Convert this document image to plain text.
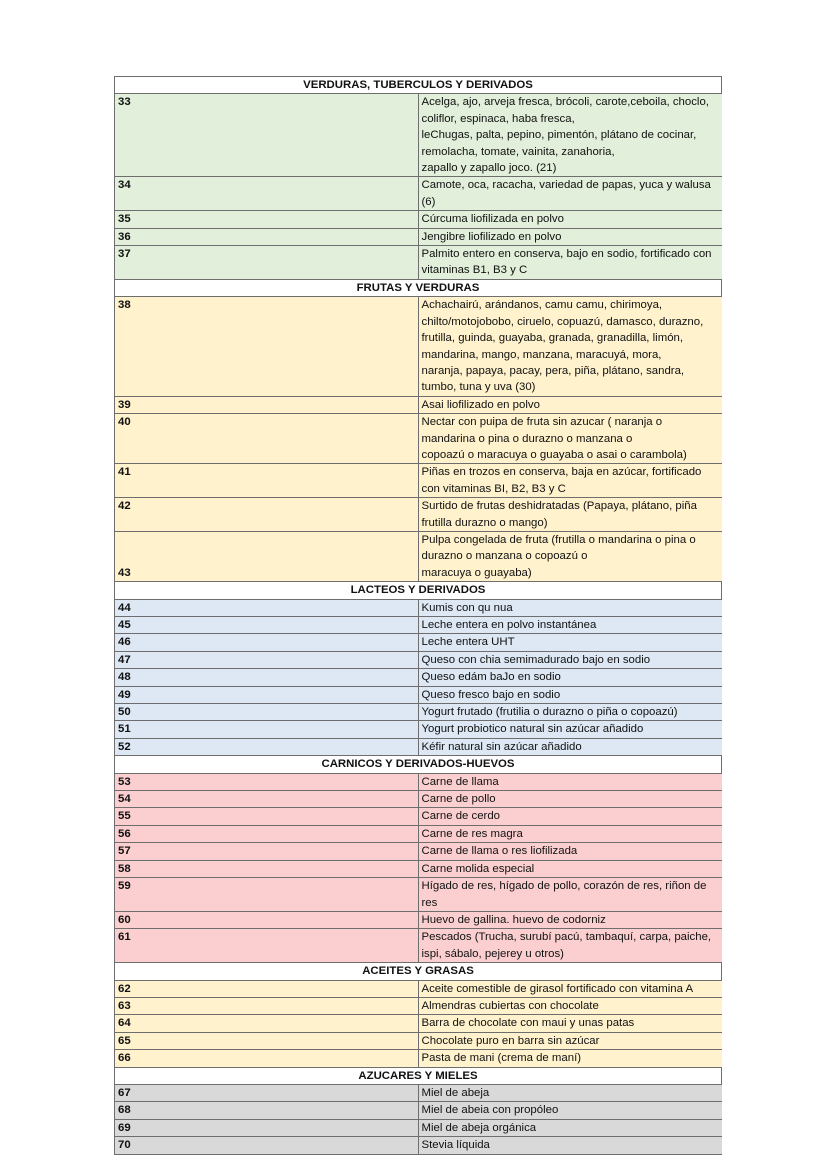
VERDURAS, TUBERCULOS Y DERIVADOS	
33	Acelga, ajo, arveja fresca, brócoli, carote,ceboila, choclo, coliflor, espinaca, haba fresca,
leChugas, palta, pepino, pimentón, plátano de cocinar, remolacha, tomate, vainita, zanahoria,
zapallo y zapallo joco. (21)

34	Camote, oca, racacha, variedad de papas, yuca y walusa (6)

35	Cúrcuma liofilizada en polvo

36	Jengibre liofilizado en polvo

37	Palmito entero en conserva, bajo en sodio, fortificado con vitaminas B1, B3 y C

FRUTAS Y VERDURAS	
38	Achachairú, arándanos, camu camu, chirimoya, chilto/motojobobo, ciruelo, copuazú, damasco, durazno,
frutilla, guinda, guayaba, granada, granadilla, limón, mandarina, mango, manzana, maracuyá, mora,
naranja, papaya, pacay, pera, piña, plátano, sandra, tumbo, tuna y uva (30)

39	Asai liofilizado en polvo

40	Nectar con puipa de fruta sin azucar ( naranja o mandarina o pina o durazno o manzana o
copoazú o maracuya o guayaba o asai o carambola)

41	Piñas en trozos en conserva, baja en azúcar, fortificado con vitaminas BI, B2, B3 y C

42	Surtido de frutas deshidratadas (Papaya, plátano, piña frutilla durazno o mango)

43	Pulpa congelada de fruta (frutilla o mandarina o pina o durazno o manzana o copoazú o
maracuya o guayaba)

LACTEOS Y DERIVADOS	
44	Kumis con qu nua

45	Leche entera en polvo instantánea

46	Leche entera UHT

47	Queso con chia semimadurado bajo en sodio

48	Queso edám baJo en sodio

49	Queso fresco bajo en sodio

50	Yogurt frutado (frutilia o durazno o piña o copoazú)

51	Yogurt probiotico natural sin azúcar añadido

52	Kéfir natural sin azúcar añadido

CARNICOS Y DERIVADOS-HUEVOS	
53	Carne de llama

54	Carne de pollo

55	Carne de cerdo

56	Carne de res magra

57	Carne de llama o res liofilizada

58	Carne molida especial

59	Hígado de res, hígado de pollo, corazón de res, riñon de res

60	Huevo de gallina. huevo de codorniz

61	Pescados (Trucha, surubí pacú, tambaquí, carpa, paiche, ispi, sábalo, pejerey u otros)

ACEITES Y GRASAS	
62	Aceite comestible de girasol fortificado con vitamina A

63	Almendras cubiertas con chocolate

64	Barra de chocolate con maui y unas patas

65	Chocolate puro en barra sin azúcar

66	Pasta de mani (crema de maní)

AZUCARES Y MIELES	
67	Miel de abeja

68	Miel de abeia con propóleo

69	Miel de abeja orgánica

70	Stevia líquida
